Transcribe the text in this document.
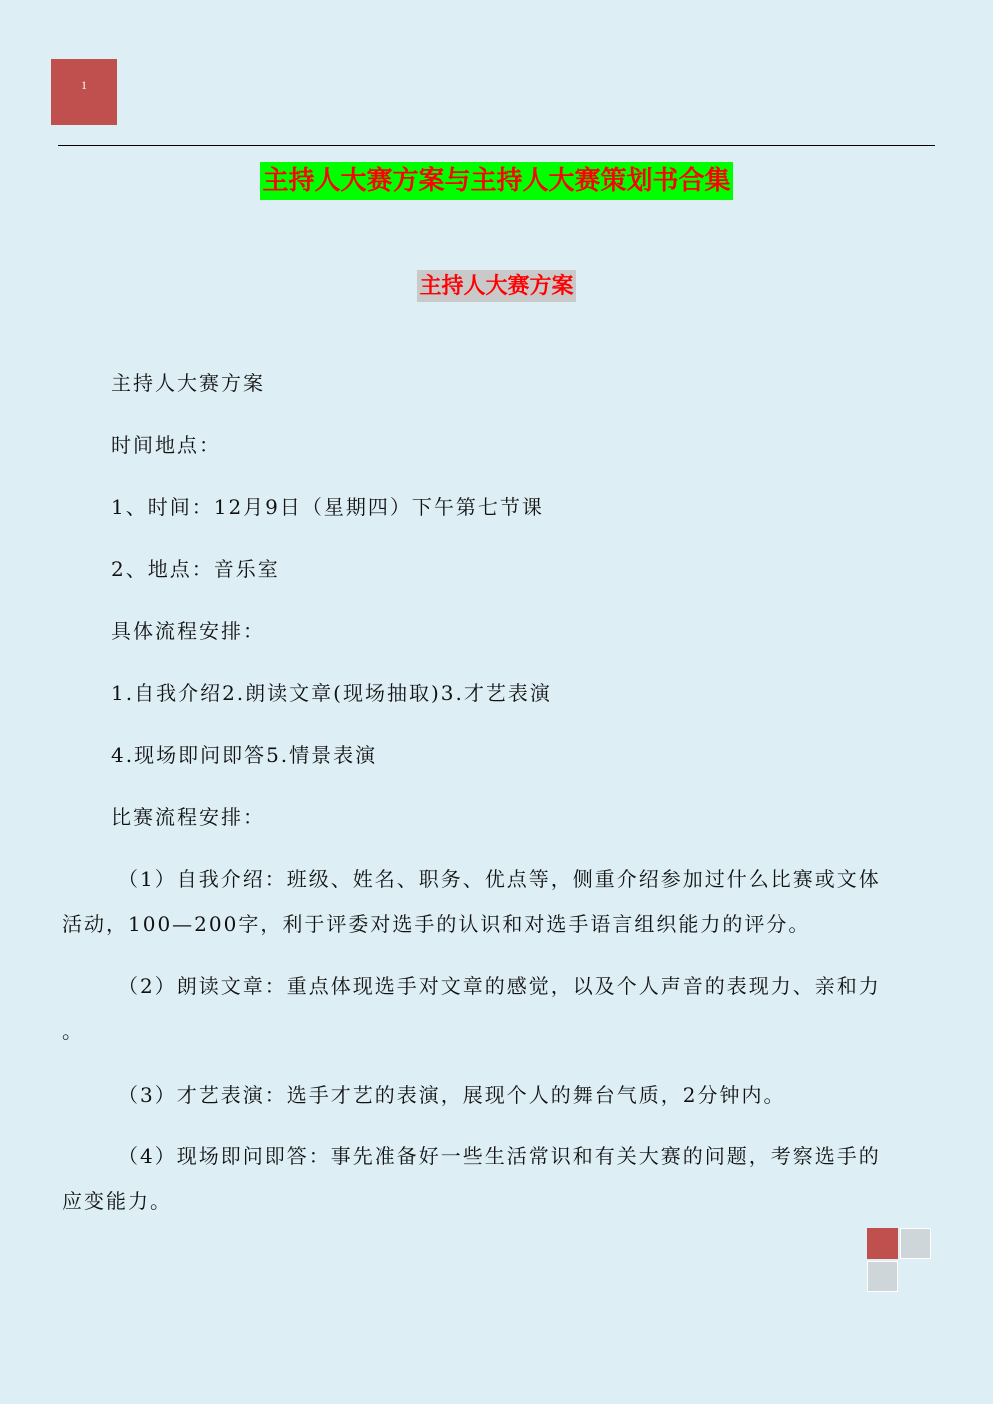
1
主持人大赛方案与主持人大赛策划书合集
主持人大赛方案
主持人大赛方案
时间地点：
1、时间：12月9日（星期四）下午第七节课
2、地点：音乐室
具体流程安排：
1.自我介绍2.朗读文章(现场抽取)3.才艺表演
4.现场即问即答5.情景表演
比赛流程安排：
（1）自我介绍：班级、姓名、职务、优点等，侧重介绍参加过什么比赛或文体
活动，100—200字，利于评委对选手的认识和对选手语言组织能力的评分。
（2）朗读文章：重点体现选手对文章的感觉，以及个人声音的表现力、亲和力
。
（3）才艺表演：选手才艺的表演，展现个人的舞台气质，2分钟内。
（4）现场即问即答：事先准备好一些生活常识和有关大赛的问题，考察选手的
应变能力。
